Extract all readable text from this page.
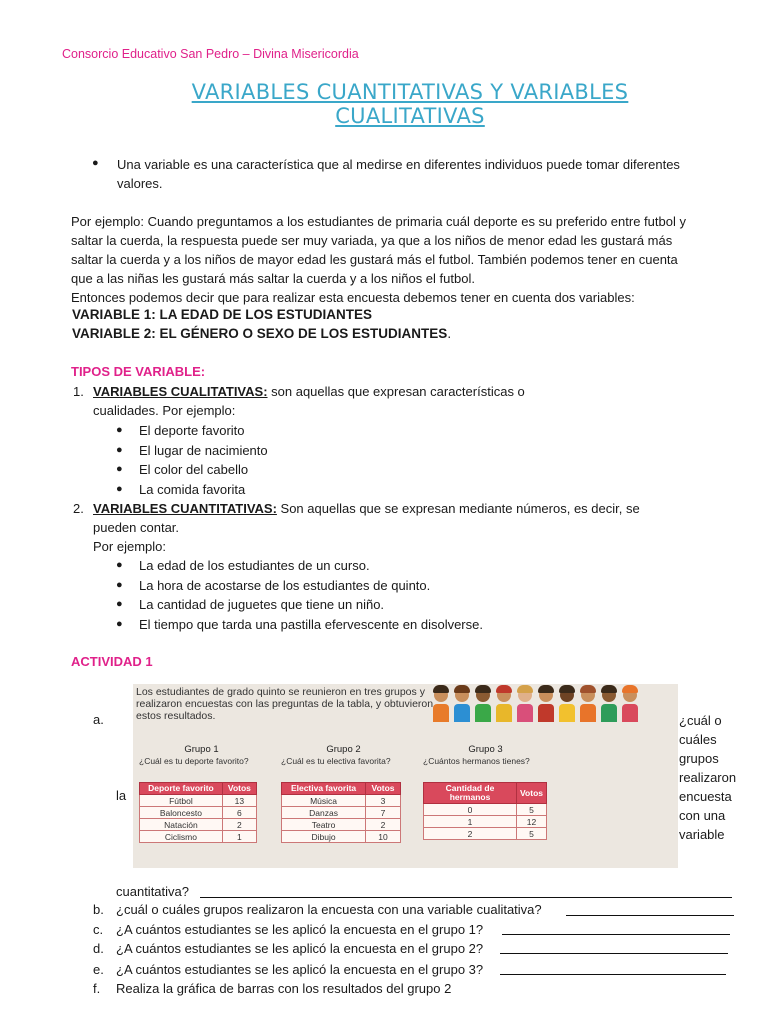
Consorcio Educativo San Pedro – Divina Misericordia
VARIABLES CUANTITATIVAS Y VARIABLES
CUALITATIVAS
● Una variable es una característica que al medirse en diferentes individuos puede tomar diferentes
valores.
Por ejemplo: Cuando preguntamos a los estudiantes de primaria cuál deporte es su preferido entre futbol y
saltar la cuerda, la respuesta puede ser muy variada, ya que a los niños de menor edad les gustará más
saltar la cuerda y a los niños de mayor edad les gustará más el futbol. También podemos tener en cuenta
que a las niñas les gustará más saltar la cuerda y a los niños el futbol.
Entonces podemos decir que para realizar esta encuesta debemos tener en cuenta dos variables:
VARIABLE 1: LA EDAD DE LOS ESTUDIANTES
VARIABLE 2: EL GÉNERO O SEXO DE LOS ESTUDIANTES.
TIPOS DE VARIABLE:
1. VARIABLES CUALITATIVAS: son aquellas que expresan características o
cualidades. Por ejemplo:
● El deporte favorito
● El lugar de nacimiento
● El color del cabello
● La comida favorita
2. VARIABLES CUANTITATIVAS: Son aquellas que se expresan mediante números, es decir, se
pueden contar.
Por ejemplo:
● La edad de los estudiantes de un curso.
● La hora de acostarse de los estudiantes de quinto.
● La cantidad de juguetes que tiene un niño.
● El tiempo que tarda una pastilla efervescente en disolverse.
ACTIVIDAD 1
a.
la
Los estudiantes de grado quinto se reunieron en tres grupos y realizaron encuestas con las preguntas de la tabla, y obtuvieron estos resultados.
Grupo 1
¿Cuál es tu deporte favorito?
Deporte favorito	Votos
Fútbol	13
Baloncesto	6
Natación	2
Ciclismo	1
Grupo 2
¿Cuál es tu electiva favorita?
Electiva favorita	Votos
Música	3
Danzas	7
Teatro	2
Dibujo	10
Grupo 3
¿Cuántos hermanos tienes?
Cantidad de hermanos	Votos
0	5
1	12
2	5
¿cuál o cuáles grupos realizaron encuesta con una variable
cuantitativa?
b. ¿cuál o cuáles grupos realizaron la encuesta con una variable cualitativa?
c. ¿A cuántos estudiantes se les aplicó la encuesta en el grupo 1?
d. ¿A cuántos estudiantes se les aplicó la encuesta en el grupo 2?
e. ¿A cuántos estudiantes se les aplicó la encuesta en el grupo 3?
f. Realiza la gráfica de barras con los resultados del grupo 2
